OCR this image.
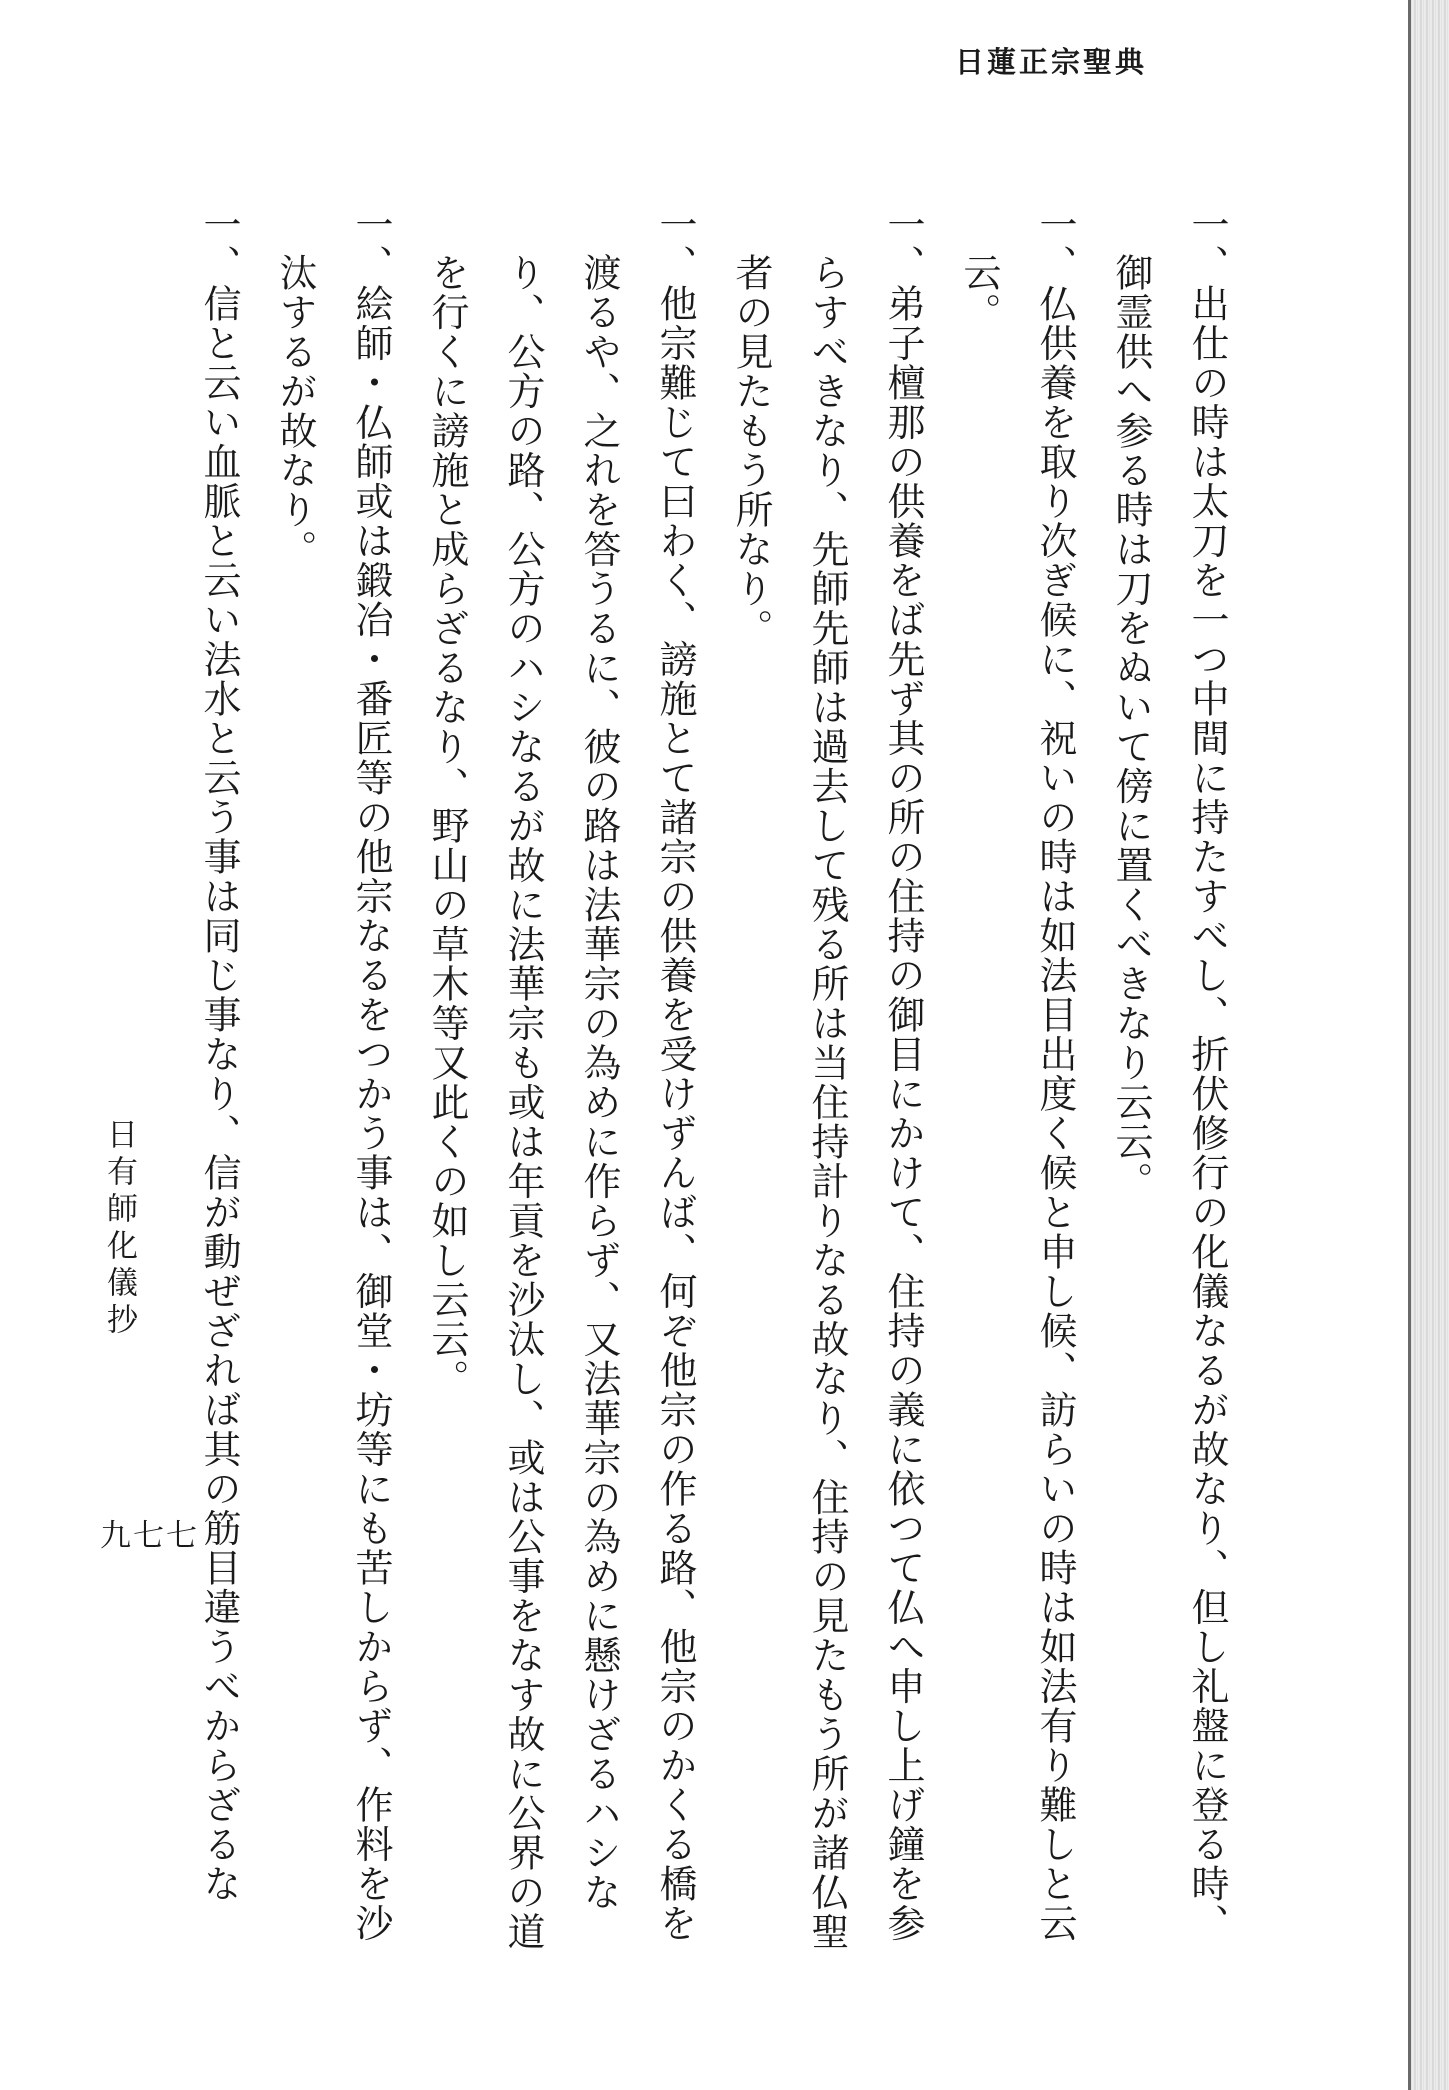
日蓮正宗聖典

一、出仕の時は太刀を一つ中間に持たすべし、折伏修行の化儀なるが故なり、但し礼盤に登る時、御霊供へ参る時は刀をぬいて傍に置くべきなり云云。

一、仏供養を取り次ぎ候に、祝いの時は如法目出度く候と申し候、訪らいの時は如法有り難しと云云。

一、弟子檀那の供養をば先ず其の所の住持の御目にかけて、住持の義に依つて仏へ申し上げ鐘を参らすべきなり、先師先師は過去して残る所は当住持計りなる故なり、住持の見たもう所が諸仏聖者の見たもう所なり。

一、他宗難じて曰わく、謗施とて諸宗の供養を受けずんば、何ぞ他宗の作る路、他宗のかくる橋を渡るや、之れを答うるに、彼の路は法華宗の為めに作らず、又法華宗の為めに懸けざるハシなり、公方の路、公方のハシなるが故に法華宗も或は年貢を沙汰し、或は公事をなす故に公界の道を行くに謗施と成らざるなり、野山の草木等又此くの如し云云。

一、絵師・仏師或は鍛冶・番匠等の他宗なるをつかう事は、御堂・坊等にも苦しからず、作料を沙汰するが故なり。

一、信と云い血脈と云い法水と云う事は同じ事なり、信が動ぜざれば其の筋目違うべからざるな

日有師化儀抄
九七七
